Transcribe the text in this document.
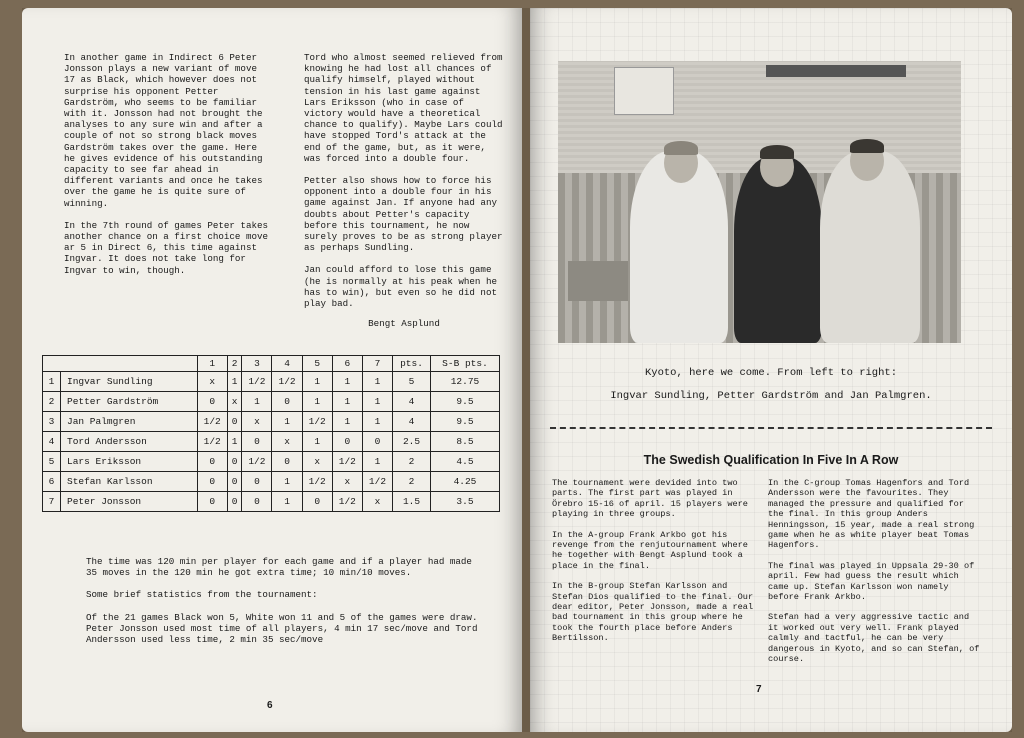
In another game in Indirect 6 Peter Jonsson plays a new variant of move 17 as Black, which however does not surprise his opponent Petter Gardström, who seems to be familiar with it. Jonsson had not brought the analyses to any sure win and after a couple of not so strong black moves Gardström takes over the game. Here he gives evidence of his outstanding capacity to see far ahead in different variants and once he takes over the game he is quite sure of winning.

In the 7th round of games Peter takes another chance on a first choice move ar 5 in Direct 6, this time against Ingvar. It does not take long for Ingvar to win, though.

Tord who almost seemed relieved from knowing he had lost all chances of qualify himself, played without tension in his last game against Lars Eriksson (who in case of victory would have a theoretical chance to qualify). Maybe Lars could have stopped Tord's attack at the end of the game, but, as it were, was forced into a double four.

Petter also shows how to force his opponent into a double four in his game against Jan. If anyone had any doubts about Petter's capacity before this tournament, he now surely proves to be as strong player as perhaps Sundling.

Jan could afford to lose this game (he is normally at his peak when he has to win), but even so he did not play bad.

Bengt Asplund

		1	2	3	4	5	6	7	pts.	S-B pts.
1	Ingvar Sundling	x	1	1/2	1/2	1	1	1	5	12.75
2	Petter Gardström	0	x	1	0	1	1	1	4	9.5
3	Jan Palmgren	1/2	0	x	1	1/2	1	1	4	9.5
4	Tord Andersson	1/2	1	0	x	1	0	0	2.5	8.5
5	Lars Eriksson	0	0	1/2	0	x	1/2	1	2	4.5
6	Stefan Karlsson	0	0	0	1	1/2	x	1/2	2	4.25
7	Peter Jonsson	0	0	0	1	0	1/2	x	1.5	3.5

The time was 120 min per player for each game and if a player had made 35 moves in the 120 min he got extra time; 10 min/10 moves.

Some brief statistics from the tournament:

Of the 21 games Black won 5, White won 11 and 5 of the games were draw. Peter Jonsson used most time of all players, 4 min 17 sec/move and Tord Andersson used less time, 2 min 35 sec/move

6
Kyoto, here we come. From left to right:
Ingvar Sundling, Petter Gardström and Jan Palmgren.
The Swedish Qualification In Five In A Row

The tournament were devided into two parts. The first part was played in Örebro 15-16 of april. 15 players were playing in three groups.

In the A-group Frank Arkbo got his revenge from the renjutournament where he together with Bengt Asplund took a place in the final.

In the B-group Stefan Karlsson and Stefan Dios qualified to the final. Our dear editor, Peter Jonsson, made a real bad tournament in this group where he took the fourth place before Anders Bertilsson.

In the C-group Tomas Hagenfors and Tord Andersson were the favourites. They managed the pressure and qualified for the final. In this group Anders Henningsson, 15 year, made a real strong game when he as white player beat Tomas Hagenfors.

The final was played in Uppsala 29-30 of april. Few had guess the result which came up. Stefan Karlsson won namely before Frank Arkbo.

Stefan had a very aggressive tactic and it worked out very well. Frank played calmly and tactful, he can be very dangerous in Kyoto, and so can Stefan, of course.

7
